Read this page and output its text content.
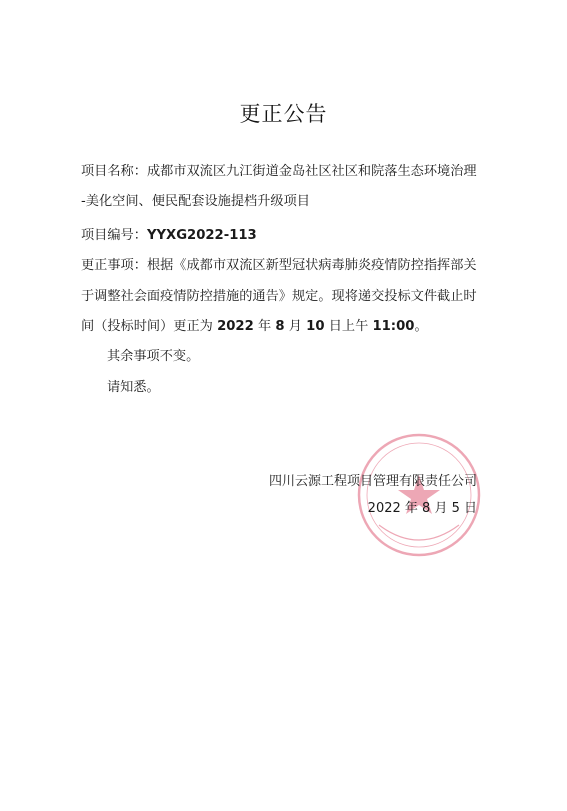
更正公告
项目名称：成都市双流区九江街道金岛社区社区和院落生态环境治理
-美化空间、便民配套设施提档升级项目
项目编号：YYXG2022-113
更正事项：根据《成都市双流区新型冠状病毒肺炎疫情防控指挥部关
于调整社会面疫情防控措施的通告》规定。现将递交投标文件截止时
间（投标时间）更正为 2022 年 8 月 10 日上午 11:00。
其余事项不变。
请知悉。
四川云源工程项目管理有限责任公司
2022 年 8 月 5 日
